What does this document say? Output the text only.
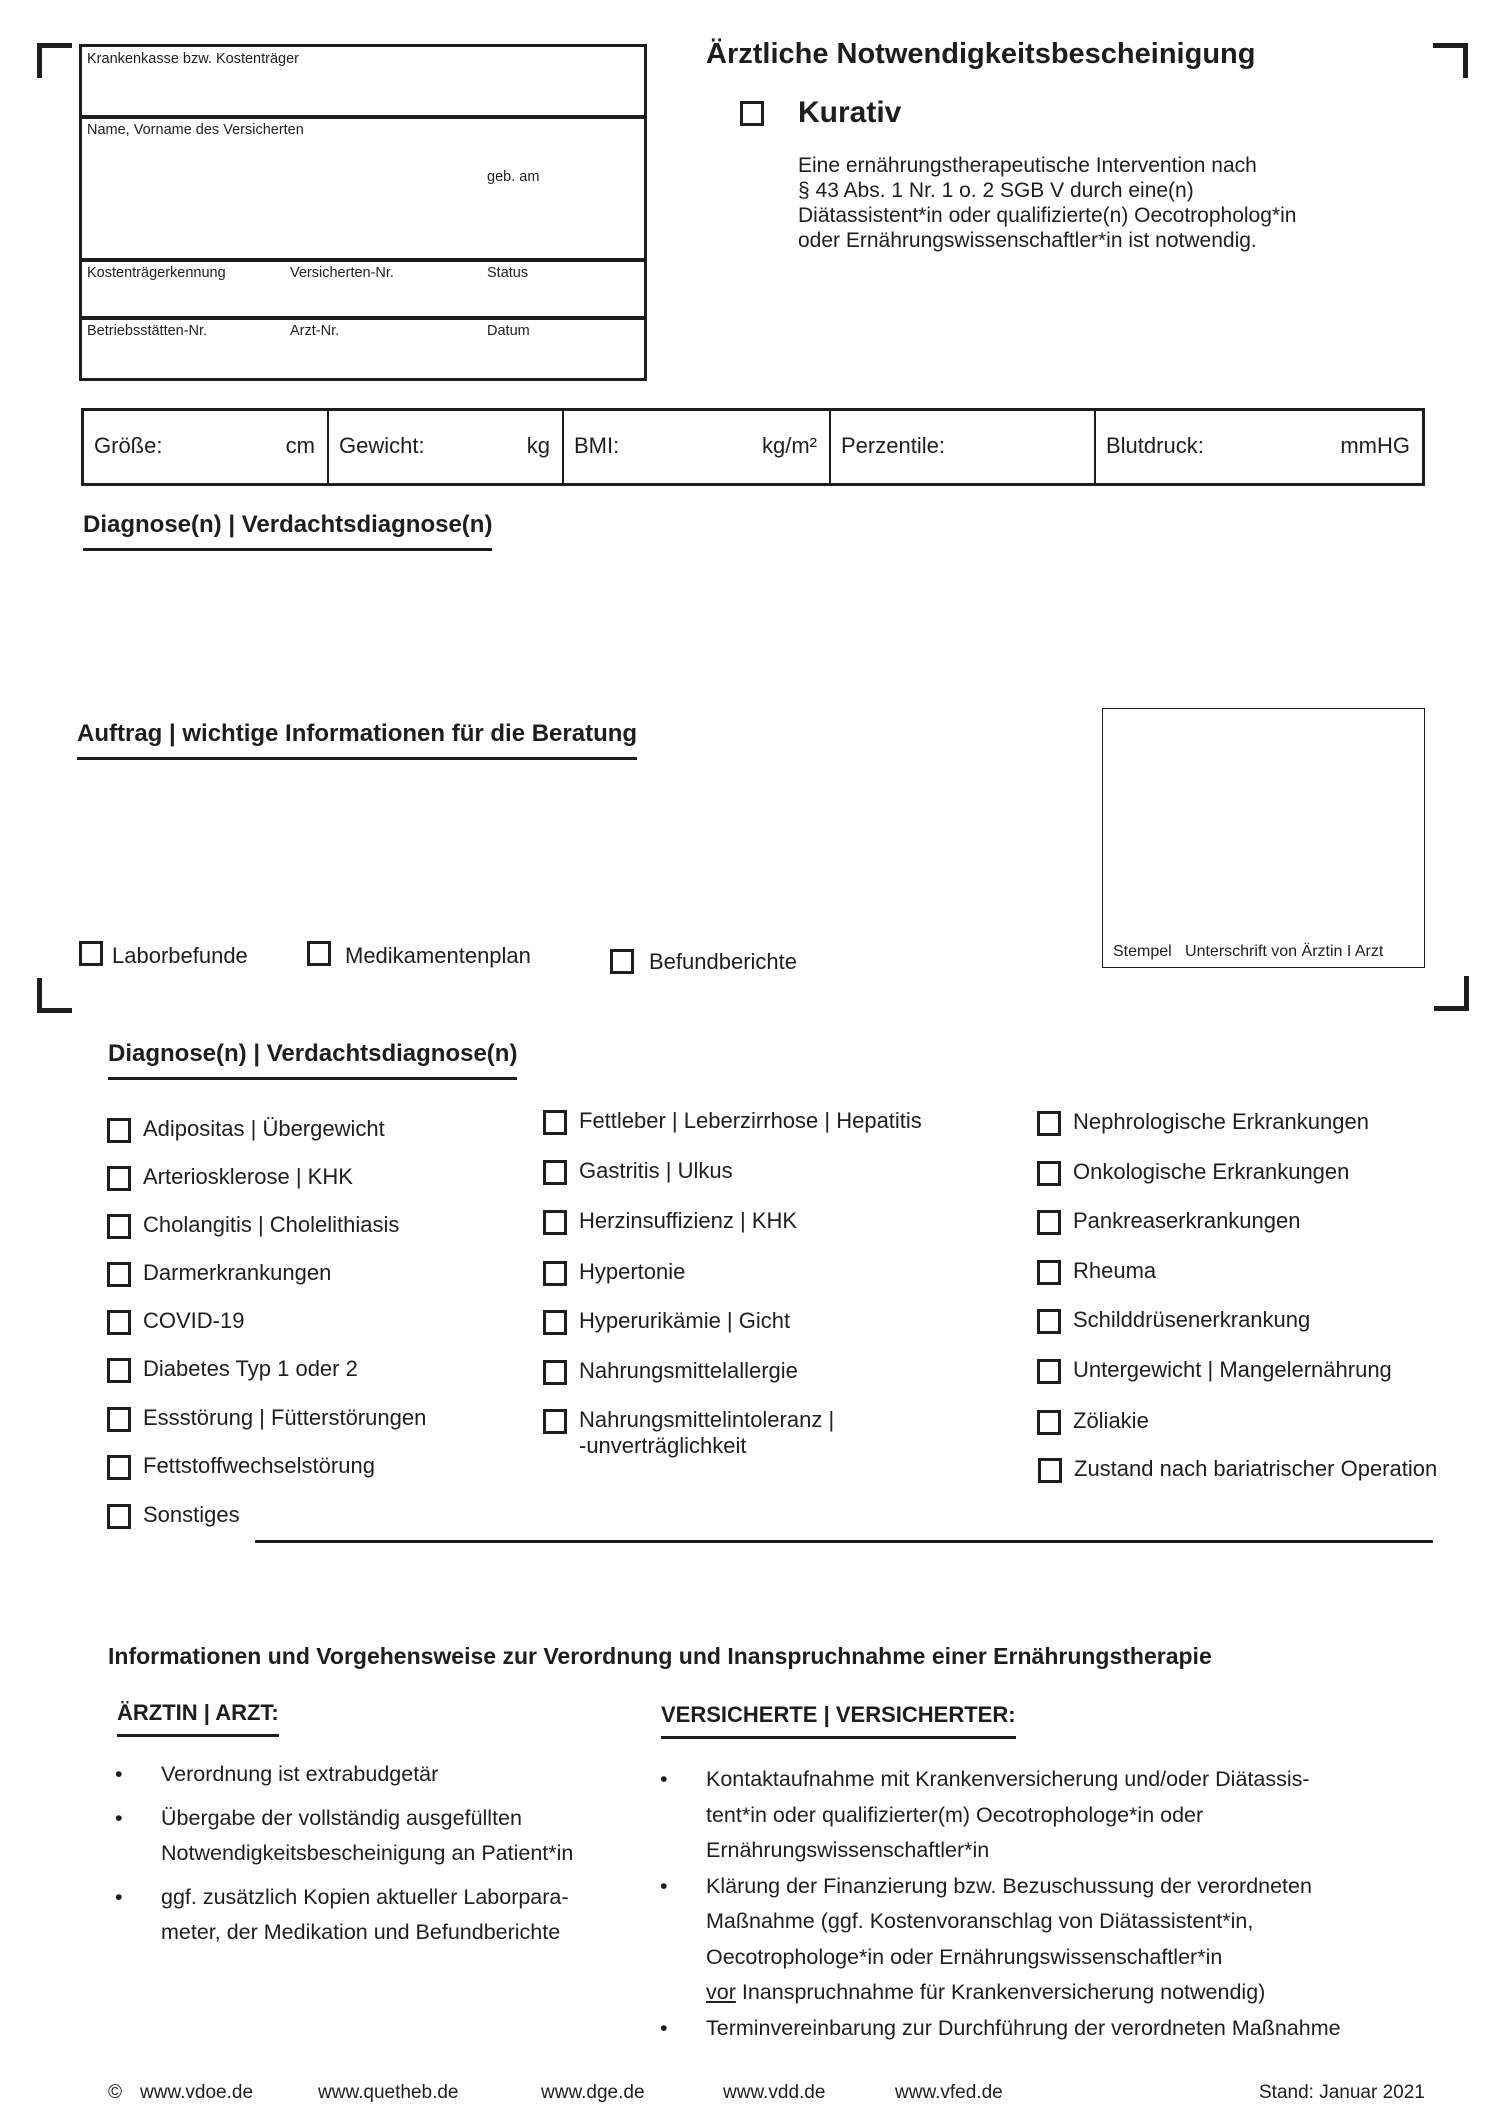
Krankenkasse bzw. Kostenträger
Name, Vorname des Versicherten
geb. am
Kostenträgerkennung	Versicherten-Nr.	Status
Betriebsstätten-Nr.	Arzt-Nr.	Datum
Ärztliche Notwendigkeitsbescheinigung
Kurativ
Eine ernährungstherapeutische Intervention nach
§ 43 Abs. 1 Nr. 1 o. 2 SGB V durch eine(n)
Diätassistent*in oder qualifizierte(n) Oecotropholog*in
oder Ernährungswissenschaftler*in ist notwendig.
Größe:	cm Gewicht:	kg BMI:	kg/m² Perzentile:	Blutdruck:	mmHG
Diagnose(n) | Verdachtsdiagnose(n)
Auftrag | wichtige Informationen für die Beratung
Laborbefunde	Medikamentenplan	Befundberichte	Stempel   Unterschrift von Ärztin I Arzt
Diagnose(n) | Verdachtsdiagnose(n)
Adipositas | Übergewicht
Arteriosklerose | KHK
Cholangitis | Cholelithiasis
Darmerkrankungen
COVID-19
Diabetes Typ 1 oder 2
Essstörung | Fütterstörungen
Fettstoffwechselstörung
Sonstiges
Fettleber | Leberzirrhose | Hepatitis
Gastritis | Ulkus
Herzinsuffizienz | KHK
Hypertonie
Hyperurikämie | Gicht
Nahrungsmittelallergie
Nahrungsmittelintoleranz |
-unverträglichkeit
Nephrologische Erkrankungen
Onkologische Erkrankungen
Pankreaserkrankungen
Rheuma
Schilddrüsenerkrankung
Untergewicht | Mangelernährung
Zöliakie
Zustand nach bariatrischer Operation
Informationen und Vorgehensweise zur Verordnung und Inanspruchnahme einer Ernährungstherapie
ÄRZTIN | ARZT:
• Verordnung ist extrabudgetär
• Übergabe der vollständig ausgefüllten
Notwendigkeitsbescheinigung an Patient*in
• ggf. zusätzlich Kopien aktueller Laborpara-
meter, der Medikation und Befundberichte
VERSICHERTE | VERSICHERTER:
• Kontaktaufnahme mit Krankenversicherung und/oder Diätassis-
tent*in oder qualifizierter(m) Oecotrophologe*in oder
Ernährungswissenschaftler*in
• Klärung der Finanzierung bzw. Bezuschussung der verordneten
Maßnahme (ggf. Kostenvoranschlag von Diätassistent*in,
Oecotrophologe*in oder Ernährungswissenschaftler*in
vor Inanspruchnahme für Krankenversicherung notwendig)
• Terminvereinbarung zur Durchführung der verordneten Maßnahme
© www.vdoe.de	www.quetheb.de	www.dge.de	www.vdd.de	www.vfed.de	Stand: Januar 2021
